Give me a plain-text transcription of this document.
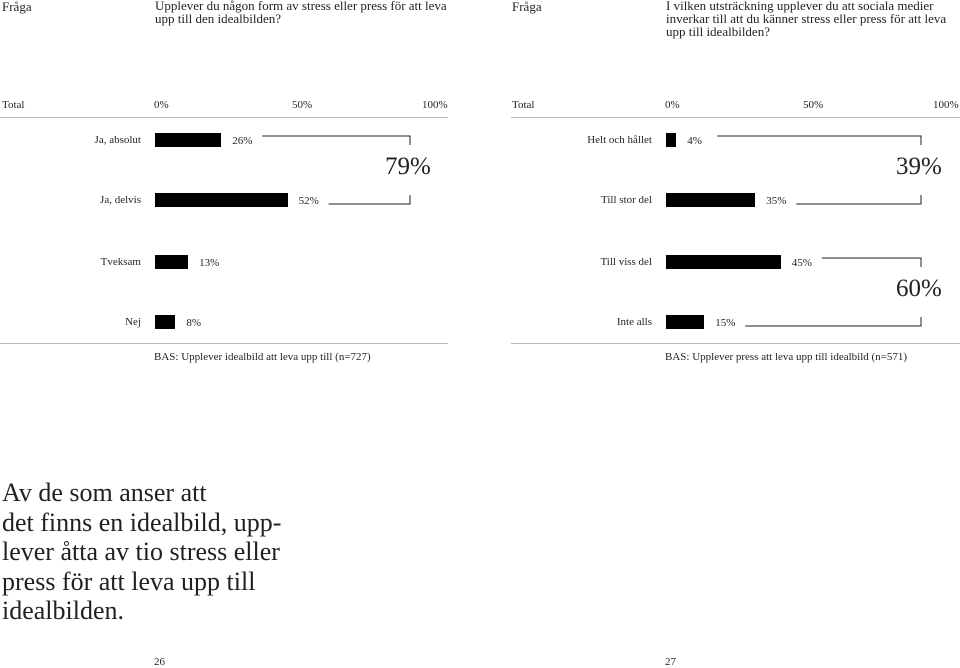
Fråga	Upplever du någon form av stress eller press för att leva upp till den idealbilden?
Total	0%	50%	100%
Ja, absolut	26%
Ja, delvis	52%
Tveksam	13%
Nej	8%
79%
BAS: Upplever idealbild att leva upp till (n=727)
Fråga	I vilken utsträckning upplever du att sociala medier inverkar till att du känner stress eller press för att leva upp till idealbilden?
Total	0%	50%	100%
Helt och hållet	4%
Till stor del	35%
Till viss del	45%
Inte alls	15%
39%
60%
BAS: Upplever press att leva upp till idealbild (n=571)
Av de som anser att
det finns en idealbild, upp-
lever åtta av tio stress eller
press för att leva upp till
idealbilden.
26	27
